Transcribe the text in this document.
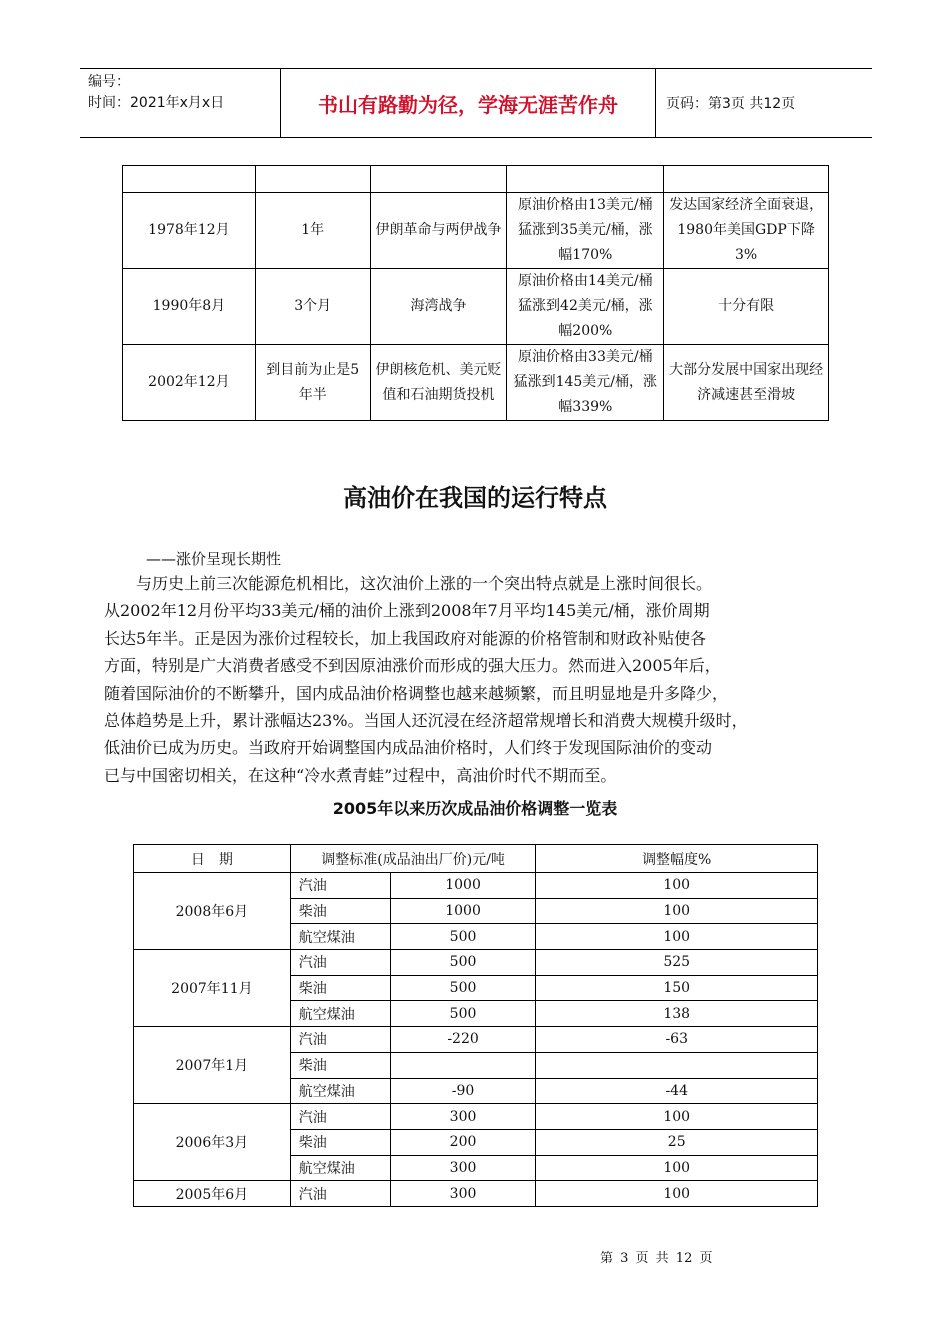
编号：
时间：2021年x月x日	书山有路勤为径，学海无涯苦作舟	页码：第3页 共12页

1978年12月	1年	伊朗革命与两伊战争	原油价格由13美元/桶猛涨到35美元/桶，涨幅170%	发达国家经济全面衰退，1980年美国GDP下降3%
1990年8月	3个月	海湾战争	原油价格由14美元/桶猛涨到42美元/桶，涨幅200%	十分有限
2002年12月	到目前为止是5年半	伊朗核危机、美元贬值和石油期货投机	原油价格由33美元/桶猛涨到145美元/桶，涨幅339%	大部分发展中国家出现经济减速甚至滑坡
高油价在我国的运行特点
——涨价呈现长期性
　　与历史上前三次能源危机相比，这次油价上涨的一个突出特点就是上涨时间很长。
从2002年12月份平均33美元/桶的油价上涨到2008年7月平均145美元/桶，涨价周期
长达5年半。正是因为涨价过程较长，加上我国政府对能源的价格管制和财政补贴使各
方面，特别是广大消费者感受不到因原油涨价而形成的强大压力。然而进入2005年后，
随着国际油价的不断攀升，国内成品油价格调整也越来越频繁，而且明显地是升多降少，
总体趋势是上升，累计涨幅达23%。当国人还沉浸在经济超常规增长和消费大规模升级时，
低油价已成为历史。当政府开始调整国内成品油价格时，人们终于发现国际油价的变动
已与中国密切相关，在这种“冷水煮青蛙”过程中，高油价时代不期而至。
2005年以来历次成品油价格调整一览表
日　期	调整标准(成品油出厂价)元/吨		调整幅度%
2008年6月	汽油	1000	100
	柴油	1000	100
	航空煤油	500	100
2007年11月	汽油	500	525
	柴油	500	150
	航空煤油	500	138
2007年1月	汽油	-220	-63
	柴油		
	航空煤油	-90	-44
2006年3月	汽油	300	100
	柴油	200	25
	航空煤油	300	100
2005年6月	汽油	300	100
第 3 页 共 12 页
